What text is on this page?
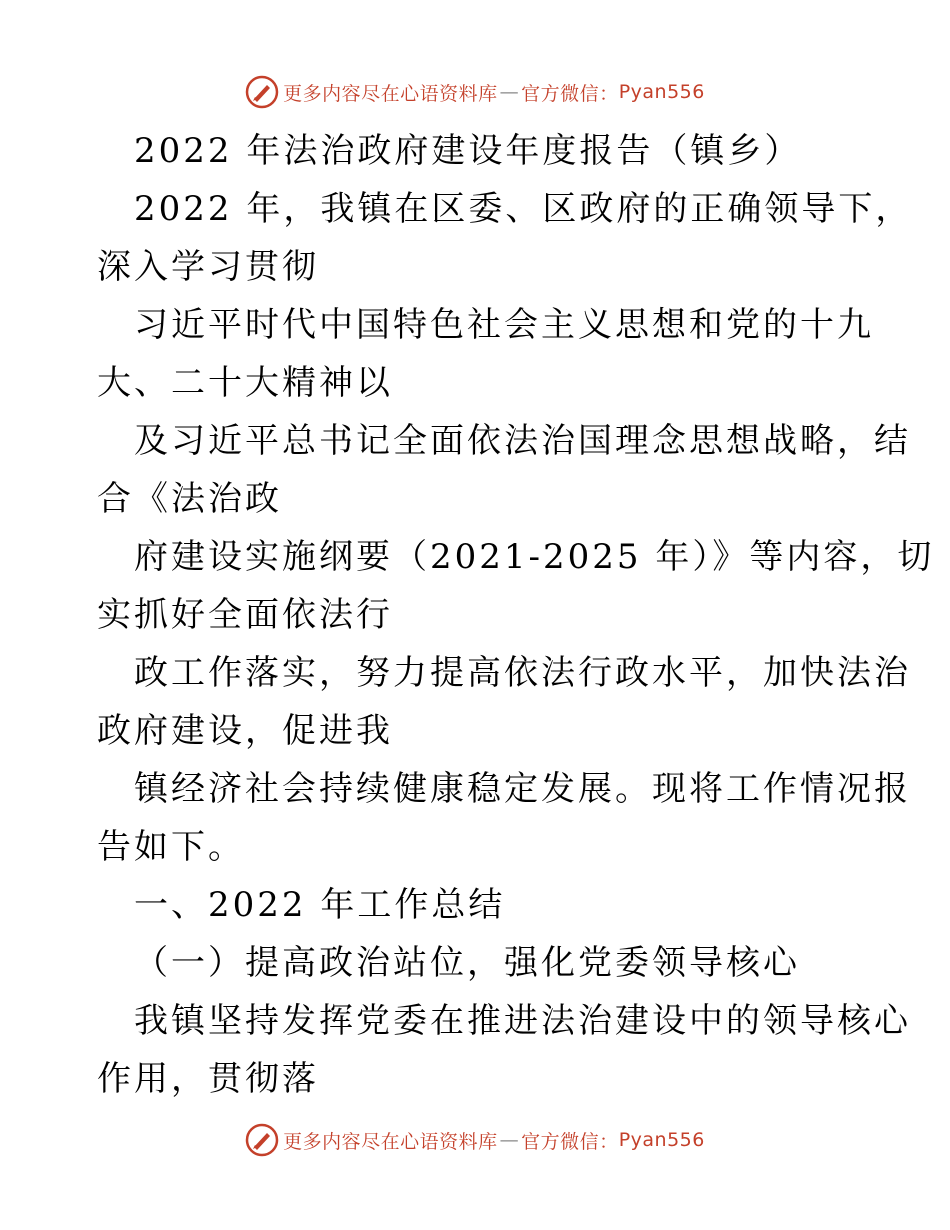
更多内容尽在心语资料库 — 官方微信： Pyan556
2022 年法治政府建设年度报告（镇乡）
2022 年，我镇在区委、区政府的正确领导下，
深入学习贯彻
习近平时代中国特色社会主义思想和党的十九
大、二十大精神以
及习近平总书记全面依法治国理念思想战略，结
合《法治政
府建设实施纲要（2021-2025 年）》等内容，切
实抓好全面依法行
政工作落实，努力提高依法行政水平，加快法治
政府建设，促进我
镇经济社会持续健康稳定发展。现将工作情况报
告如下。
一、2022 年工作总结
（一）提高政治站位，强化党委领导核心
我镇坚持发挥党委在推进法治建设中的领导核心
作用，贯彻落
更多内容尽在心语资料库 — 官方微信： Pyan556
